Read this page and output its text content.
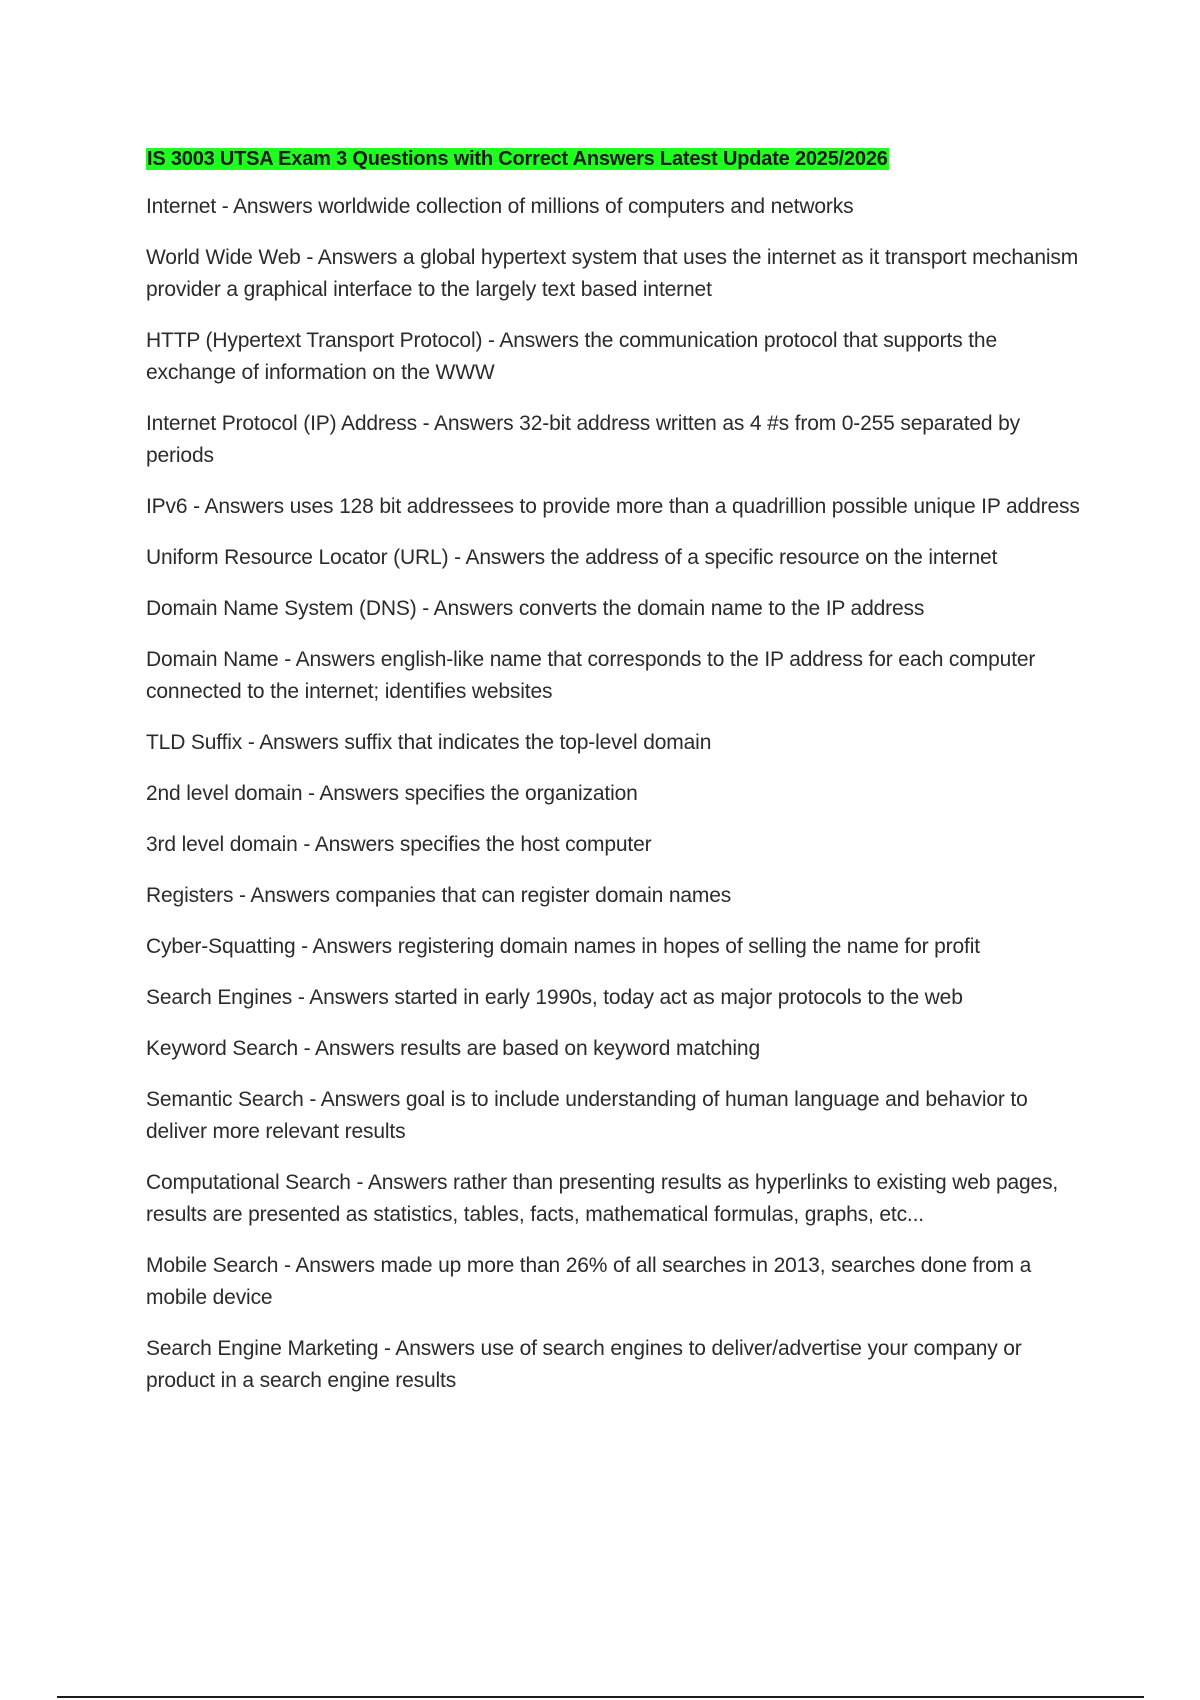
IS 3003 UTSA Exam 3 Questions with Correct Answers Latest Update 2025/2026

Internet - Answers worldwide collection of millions of computers and networks

World Wide Web - Answers a global hypertext system that uses the internet as it transport mechanism provider a graphical interface to the largely text based internet

HTTP (Hypertext Transport Protocol) - Answers the communication protocol that supports the exchange of information on the WWW

Internet Protocol (IP) Address - Answers 32-bit address written as 4 #s from 0-255 separated by periods

IPv6 - Answers uses 128 bit addressees to provide more than a quadrillion possible unique IP address

Uniform Resource Locator (URL) - Answers the address of a specific resource on the internet

Domain Name System (DNS) - Answers converts the domain name to the IP address

Domain Name - Answers english-like name that corresponds to the IP address for each computer connected to the internet; identifies websites

TLD Suffix - Answers suffix that indicates the top-level domain

2nd level domain - Answers specifies the organization

3rd level domain - Answers specifies the host computer

Registers - Answers companies that can register domain names

Cyber-Squatting - Answers registering domain names in hopes of selling the name for profit

Search Engines - Answers started in early 1990s, today act as major protocols to the web

Keyword Search - Answers results are based on keyword matching

Semantic Search - Answers goal is to include understanding of human language and behavior to deliver more relevant results

Computational Search - Answers rather than presenting results as hyperlinks to existing web pages, results are presented as statistics, tables, facts, mathematical formulas, graphs, etc...

Mobile Search - Answers made up more than 26% of all searches in 2013, searches done from a mobile device

Search Engine Marketing - Answers use of search engines to deliver/advertise your company or product in a search engine results
